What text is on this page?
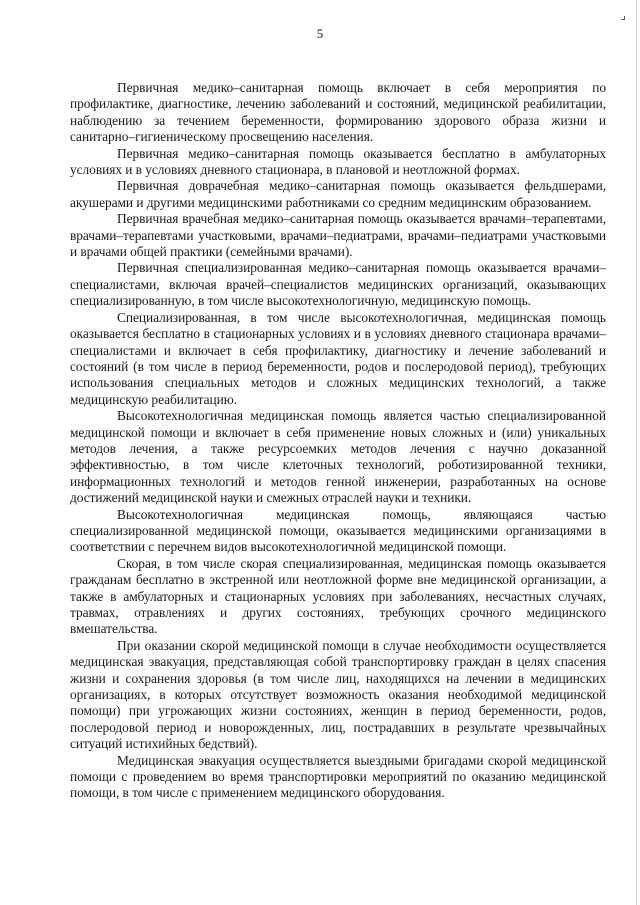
⌟
5

Первичная медико–санитарная помощь включает в себя мероприятия по профилактике, диагностике, лечению заболеваний и состояний, медицинской реабилитации, наблюдению за течением беременности, формированию здорового образа жизни и санитарно–гигиеническому просвещению населения.

Первичная медико–санитарная помощь оказывается бесплатно в амбулаторных условиях и в условиях дневного стационара, в плановой и неотложной формах.

Первичная доврачебная медико–санитарная помощь оказывается фельдшерами, акушерами и другими медицинскими работниками со средним медицинским образованием.

Первичная врачебная медико–санитарная помощь оказывается врачами–терапевтами, врачами–терапевтами участковыми, врачами–педиатрами, врачами–педиатрами участковыми и врачами общей практики (семейными врачами).

Первичная специализированная медико–санитарная помощь оказывается врачами–специалистами, включая врачей–специалистов медицинских организаций, оказывающих специализированную, в том числе высокотехнологичную, медицинскую помощь.

Специализированная, в том числе высокотехнологичная, медицинская помощь оказывается бесплатно в стационарных условиях и в условиях дневного стационара врачами–специалистами и включает в себя профилактику, диагностику и лечение заболеваний и состояний (в том числе в период беременности, родов и послеродовой период), требующих использования специальных методов и сложных медицинских технологий, а также медицинскую реабилитацию.

Высокотехнологичная медицинская помощь является частью специализированной медицинской помощи и включает в себя применение новых сложных и (или) уникальных методов лечения, а также ресурсоемких методов лечения с научно доказанной эффективностью, в том числе клеточных технологий, роботизированной техники, информационных технологий и методов генной инженерии, разработанных на основе достижений медицинской науки и смежных отраслей науки и техники.

Высокотехнологичная медицинская помощь, являющаяся частью специализированной медицинской помощи, оказывается медицинскими организациями в соответствии с перечнем видов высокотехнологичной медицинской помощи.

Скорая, в том числе скорая специализированная, медицинская помощь оказывается гражданам бесплатно в экстренной или неотложной форме вне медицинской организации, а также в амбулаторных и стационарных условиях при заболеваниях, несчастных случаях, травмах, отравлениях и других состояниях, требующих срочного медицинского вмешательства.

При оказании скорой медицинской помощи в случае необходимости осуществляется медицинская эвакуация, представляющая собой транспортировку граждан в целях спасения жизни и сохранения здоровья (в том числе лиц, находящихся на лечении в медицинских организациях, в которых отсутствует возможность оказания необходимой медицинской помощи) при угрожающих жизни состояниях, женщин в период беременности, родов, послеродовой период и новорожденных, лиц, пострадавших в результате чрезвычайных ситуаций истихийных бедствий).

Медицинская эвакуация осуществляется выездными бригадами скорой медицинской помощи с проведением во время транспортировки мероприятий по оказанию медицинской помощи, в том числе с применением медицинского оборудования.
